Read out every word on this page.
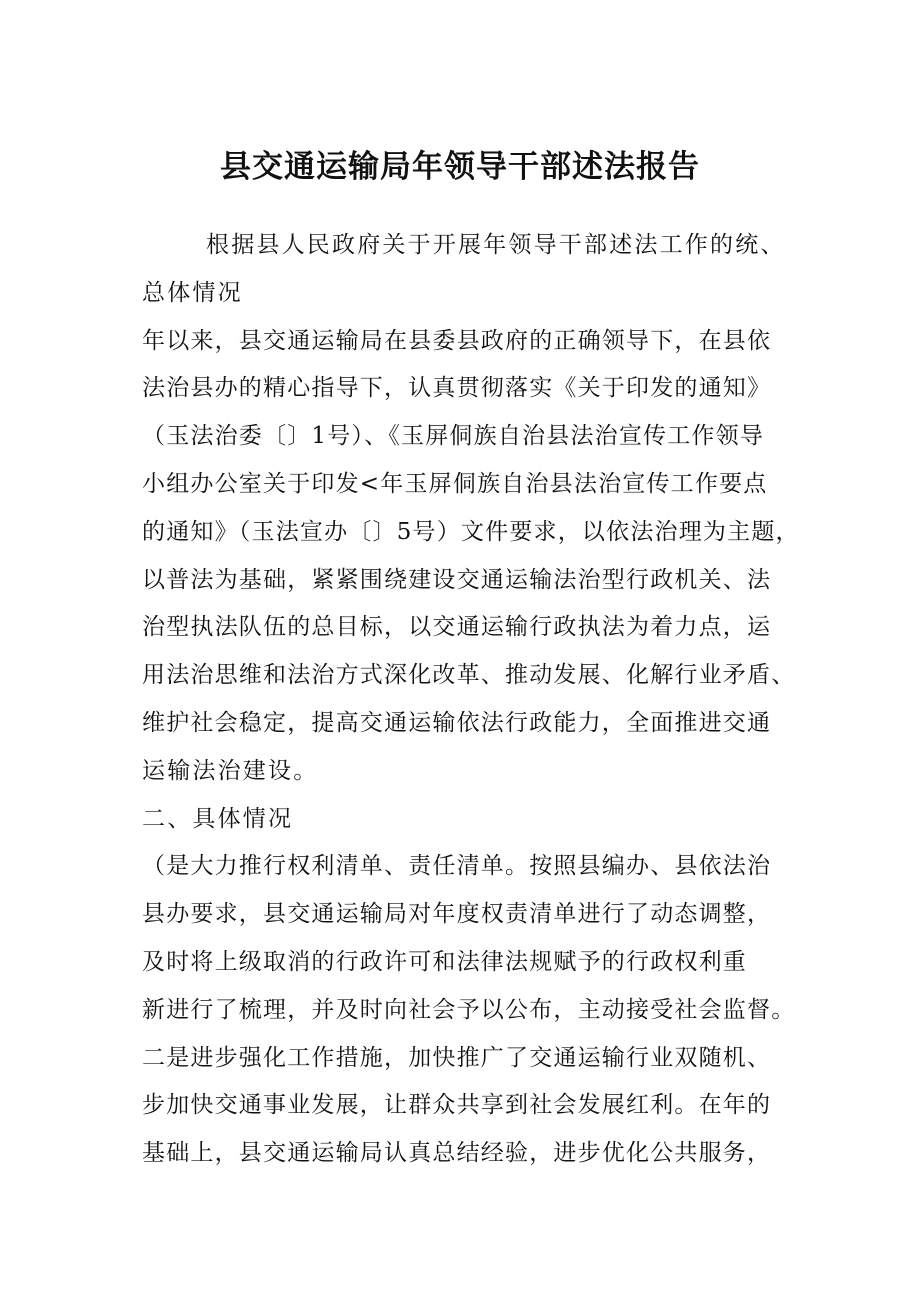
县交通运输局年领导干部述法报告
根据县人民政府关于开展年领导干部述法工作的统、
总体情况
年以来，县交通运输局在县委县政府的正确领导下，在县依
法治县办的精心指导下，认真贯彻落实《关于印发的通知》
（玉法治委〔〕1号）、《玉屏侗族自治县法治宣传工作领导
小组办公室关于印发<年玉屏侗族自治县法治宣传工作要点
的通知》（玉法宣办〔〕5号）文件要求，以依法治理为主题，
以普法为基础，紧紧围绕建设交通运输法治型行政机关、法
治型执法队伍的总目标，以交通运输行政执法为着力点，运
用法治思维和法治方式深化改革、推动发展、化解行业矛盾、
维护社会稳定，提高交通运输依法行政能力，全面推进交通
运输法治建设。
二、具体情况
（是大力推行权利清单、责任清单。按照县编办、县依法治
县办要求，县交通运输局对年度权责清单进行了动态调整，
及时将上级取消的行政许可和法律法规赋予的行政权利重
新进行了梳理，并及时向社会予以公布，主动接受社会监督。
二是进步强化工作措施，加快推广了交通运输行业双随机、
步加快交通事业发展，让群众共享到社会发展红利。在年的
基础上，县交通运输局认真总结经验，进步优化公共服务，
